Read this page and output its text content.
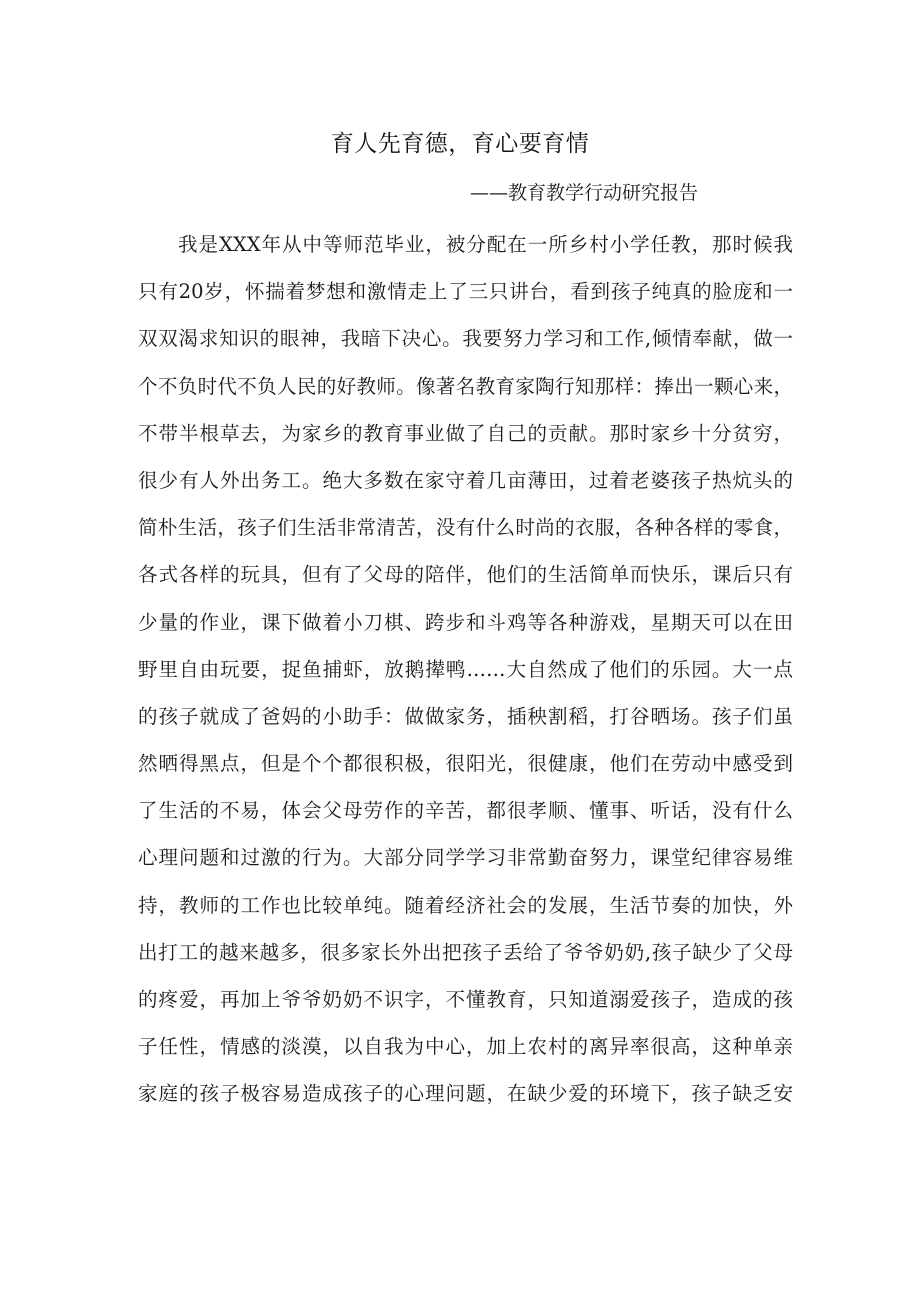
育人先育德，育心要育情
——教育教学行动研究报告
我是XXX年从中等师范毕业，被分配在一所乡村小学任教，那时候我
只有20岁，怀揣着梦想和激情走上了三只讲台，看到孩子纯真的脸庞和一
双双渴求知识的眼神，我暗下决心。我要努力学习和工作,倾情奉献，做一
个不负时代不负人民的好教师。像著名教育家陶行知那样：捧出一颗心来，
不带半根草去，为家乡的教育事业做了自己的贡献。那时家乡十分贫穷，
很少有人外出务工。绝大多数在家守着几亩薄田，过着老婆孩子热炕头的
简朴生活，孩子们生活非常清苦，没有什么时尚的衣服，各种各样的零食，
各式各样的玩具，但有了父母的陪伴，他们的生活简单而快乐，课后只有
少量的作业，课下做着小刀棋、跨步和斗鸡等各种游戏，星期天可以在田
野里自由玩要，捉鱼捕虾，放鹅撵鸭……大自然成了他们的乐园。大一点
的孩子就成了爸妈的小助手：做做家务，插秧割稻，打谷晒场。孩子们虽
然晒得黑点，但是个个都很积极，很阳光，很健康，他们在劳动中感受到
了生活的不易，体会父母劳作的辛苦，都很孝顺、懂事、听话，没有什么
心理问题和过激的行为。大部分同学学习非常勤奋努力，课堂纪律容易维
持，教师的工作也比较单纯。随着经济社会的发展，生活节奏的加快，外
出打工的越来越多，很多家长外出把孩子丢给了爷爷奶奶,孩子缺少了父母
的疼爱，再加上爷爷奶奶不识字，不懂教育，只知道溺爱孩子，造成的孩
子任性，情感的淡漠，以自我为中心，加上农村的离异率很高，这种单亲
家庭的孩子极容易造成孩子的心理问题，在缺少爱的环境下，孩子缺乏安
